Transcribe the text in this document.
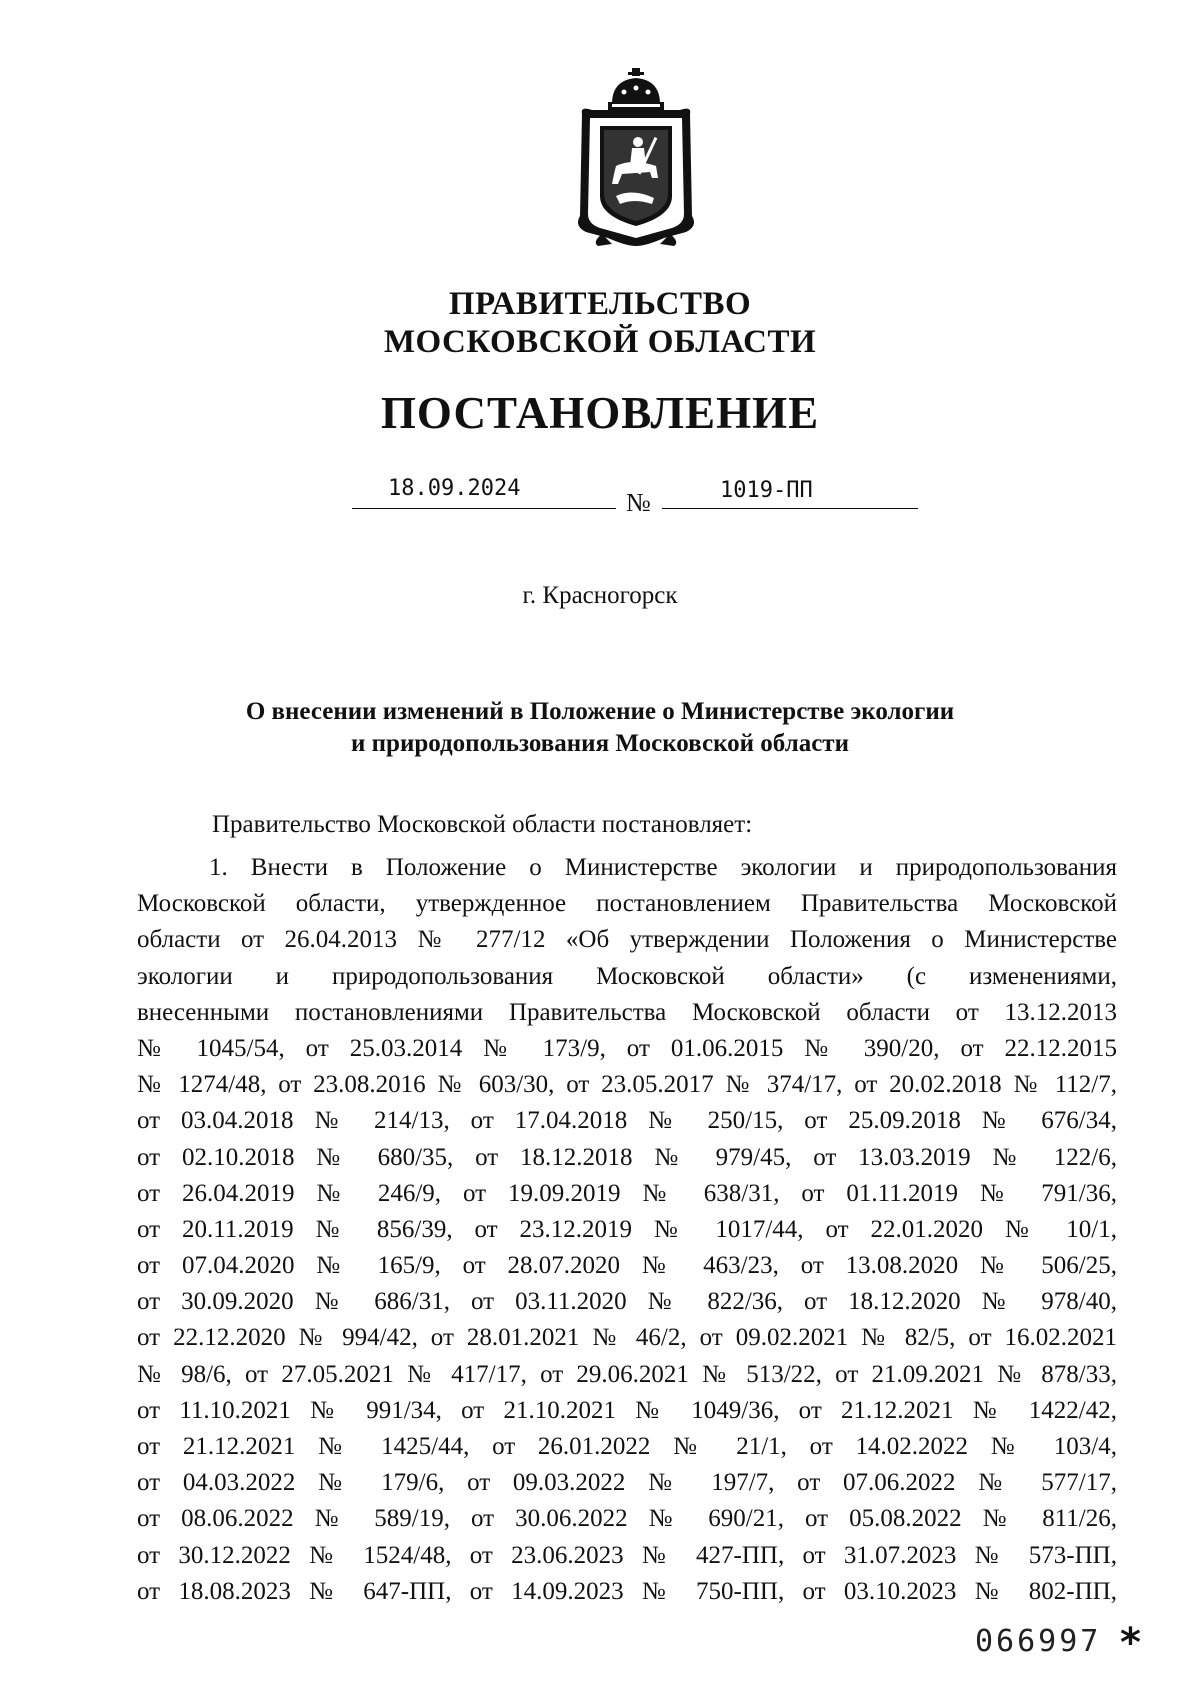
ПРАВИТЕЛЬСТВО
МОСКОВСКОЙ ОБЛАСТИ
ПОСТАНОВЛЕНИЕ
18.09.2024	№	1019-ПП
г. Красногорск
О внесении изменений в Положение о Министерстве экологии
и природопользования Московской области
Правительство Московской области постановляет:
1. Внести в Положение о Министерстве экологии и природопользования
Московской области, утвержденное постановлением Правительства Московской
области от 26.04.2013 № 277/12 «Об утверждении Положения о Министерстве
экологии и природопользования Московской области» (с изменениями,
внесенными постановлениями Правительства Московской области от 13.12.2013
№ 1045/54, от 25.03.2014 № 173/9, от 01.06.2015 № 390/20, от 22.12.2015
№ 1274/48, от 23.08.2016 № 603/30, от 23.05.2017 № 374/17, от 20.02.2018 № 112/7,
от 03.04.2018 № 214/13, от 17.04.2018 № 250/15, от 25.09.2018 № 676/34,
от 02.10.2018 № 680/35, от 18.12.2018 № 979/45, от 13.03.2019 № 122/6,
от 26.04.2019 № 246/9, от 19.09.2019 № 638/31, от 01.11.2019 № 791/36,
от 20.11.2019 № 856/39, от 23.12.2019 № 1017/44, от 22.01.2020 № 10/1,
от 07.04.2020 № 165/9, от 28.07.2020 № 463/23, от 13.08.2020 № 506/25,
от 30.09.2020 № 686/31, от 03.11.2020 № 822/36, от 18.12.2020 № 978/40,
от 22.12.2020 № 994/42, от 28.01.2021 № 46/2, от 09.02.2021 № 82/5, от 16.02.2021
№ 98/6, от 27.05.2021 № 417/17, от 29.06.2021 № 513/22, от 21.09.2021 № 878/33,
от 11.10.2021 № 991/34, от 21.10.2021 № 1049/36, от 21.12.2021 № 1422/42,
от 21.12.2021 № 1425/44, от 26.01.2022 № 21/1, от 14.02.2022 № 103/4,
от 04.03.2022 № 179/6, от 09.03.2022 № 197/7, от 07.06.2022 № 577/17,
от 08.06.2022 № 589/19, от 30.06.2022 № 690/21, от 05.08.2022 № 811/26,
от 30.12.2022 № 1524/48, от 23.06.2023 № 427-ПП, от 31.07.2023 № 573-ПП,
от 18.08.2023 № 647-ПП, от 14.09.2023 № 750-ПП, от 03.10.2023 № 802-ПП,
066997 *
